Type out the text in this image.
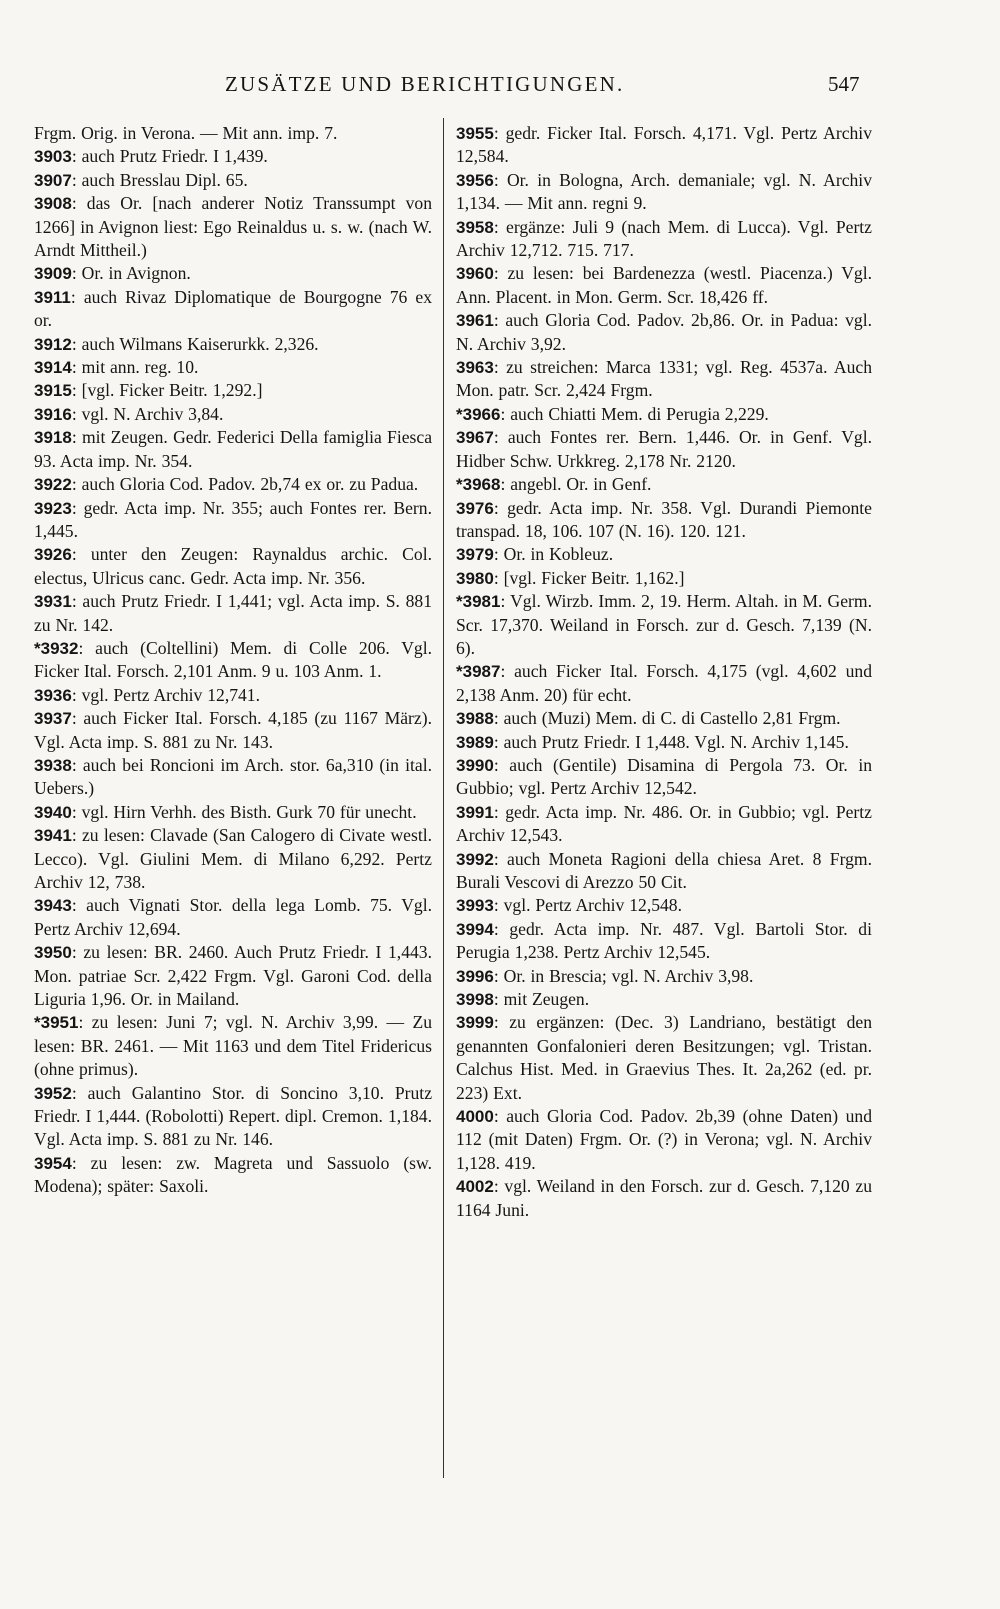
ZUSÄTZE UND BERICHTIGUNGEN.	547
Frgm. Orig. in Verona. — Mit ann. imp. 7.
3903: auch Prutz Friedr. I 1,439.
3907: auch Bresslau Dipl. 65.
3908: das Or. [nach anderer Notiz Transsumpt von 1266] in Avignon liest: Ego Reinaldus u. s. w. (nach W. Arndt Mittheil.)
3909: Or. in Avignon.
3911: auch Rivaz Diplomatique de Bourgogne 76 ex or.
3912: auch Wilmans Kaiserurkk. 2,326.
3914: mit ann. reg. 10.
3915: [vgl. Ficker Beitr. 1,292.]
3916: vgl. N. Archiv 3,84.
3918: mit Zeugen. Gedr. Federici Della famiglia Fiesca 93. Acta imp. Nr. 354.
3922: auch Gloria Cod. Padov. 2b,74 ex or. zu Padua.
3923: gedr. Acta imp. Nr. 355; auch Fontes rer. Bern. 1,445.
3926: unter den Zeugen: Raynaldus archic. Col. electus, Ulricus canc. Gedr. Acta imp. Nr. 356.
3931: auch Prutz Friedr. I 1,441; vgl. Acta imp. S. 881 zu Nr. 142.
*3932: auch (Coltellini) Mem. di Colle 206. Vgl. Ficker Ital. Forsch. 2,101 Anm. 9 u. 103 Anm. 1.
3936: vgl. Pertz Archiv 12,741.
3937: auch Ficker Ital. Forsch. 4,185 (zu 1167 März). Vgl. Acta imp. S. 881 zu Nr. 143.
3938: auch bei Roncioni im Arch. stor. 6a,310 (in ital. Uebers.)
3940: vgl. Hirn Verhh. des Bisth. Gurk 70 für unecht.
3941: zu lesen: Clavade (San Calogero di Civate westl. Lecco). Vgl. Giulini Mem. di Milano 6,292. Pertz Archiv 12, 738.
3943: auch Vignati Stor. della lega Lomb. 75. Vgl. Pertz Archiv 12,694.
3950: zu lesen: BR. 2460. Auch Prutz Friedr. I 1,443. Mon. patriae Scr. 2,422 Frgm. Vgl. Garoni Cod. della Liguria 1,96. Or. in Mailand.
*3951: zu lesen: Juni 7; vgl. N. Archiv 3,99. — Zu lesen: BR. 2461. — Mit 1163 und dem Titel Fridericus (ohne primus).
3952: auch Galantino Stor. di Soncino 3,10. Prutz Friedr. I 1,444. (Robolotti) Repert. dipl. Cremon. 1,184. Vgl. Acta imp. S. 881 zu Nr. 146.
3954: zu lesen: zw. Magreta und Sassuolo (sw. Modena); später: Saxoli.
3955: gedr. Ficker Ital. Forsch. 4,171. Vgl. Pertz Archiv 12,584.
3956: Or. in Bologna, Arch. demaniale; vgl. N. Archiv 1,134. — Mit ann. regni 9.
3958: ergänze: Juli 9 (nach Mem. di Lucca). Vgl. Pertz Archiv 12,712. 715. 717.
3960: zu lesen: bei Bardenezza (westl. Piacenza.) Vgl. Ann. Placent. in Mon. Germ. Scr. 18,426 ff.
3961: auch Gloria Cod. Padov. 2b,86. Or. in Padua: vgl. N. Archiv 3,92.
3963: zu streichen: Marca 1331; vgl. Reg. 4537a. Auch Mon. patr. Scr. 2,424 Frgm.
*3966: auch Chiatti Mem. di Perugia 2,229.
3967: auch Fontes rer. Bern. 1,446. Or. in Genf. Vgl. Hidber Schw. Urkkreg. 2,178 Nr. 2120.
*3968: angebl. Or. in Genf.
3976: gedr. Acta imp. Nr. 358. Vgl. Durandi Piemonte transpad. 18, 106. 107 (N. 16). 120. 121.
3979: Or. in Kobleuz.
3980: [vgl. Ficker Beitr. 1,162.]
*3981: Vgl. Wirzb. Imm. 2, 19. Herm. Altah. in M. Germ. Scr. 17,370. Weiland in Forsch. zur d. Gesch. 7,139 (N. 6).
*3987: auch Ficker Ital. Forsch. 4,175 (vgl. 4,602 und 2,138 Anm. 20) für echt.
3988: auch (Muzi) Mem. di C. di Castello 2,81 Frgm.
3989: auch Prutz Friedr. I 1,448. Vgl. N. Archiv 1,145.
3990: auch (Gentile) Disamina di Pergola 73. Or. in Gubbio; vgl. Pertz Archiv 12,542.
3991: gedr. Acta imp. Nr. 486. Or. in Gubbio; vgl. Pertz Archiv 12,543.
3992: auch Moneta Ragioni della chiesa Aret. 8 Frgm. Burali Vescovi di Arezzo 50 Cit.
3993: vgl. Pertz Archiv 12,548.
3994: gedr. Acta imp. Nr. 487. Vgl. Bartoli Stor. di Perugia 1,238. Pertz Archiv 12,545.
3996: Or. in Brescia; vgl. N. Archiv 3,98.
3998: mit Zeugen.
3999: zu ergänzen: (Dec. 3) Landriano, bestätigt den genannten Gonfalonieri deren Besitzungen; vgl. Tristan. Calchus Hist. Med. in Graevius Thes. It. 2a,262 (ed. pr. 223) Ext.
4000: auch Gloria Cod. Padov. 2b,39 (ohne Daten) und 112 (mit Daten) Frgm. Or. (?) in Verona; vgl. N. Archiv 1,128. 419.
4002: vgl. Weiland in den Forsch. zur d. Gesch. 7,120 zu 1164 Juni.
